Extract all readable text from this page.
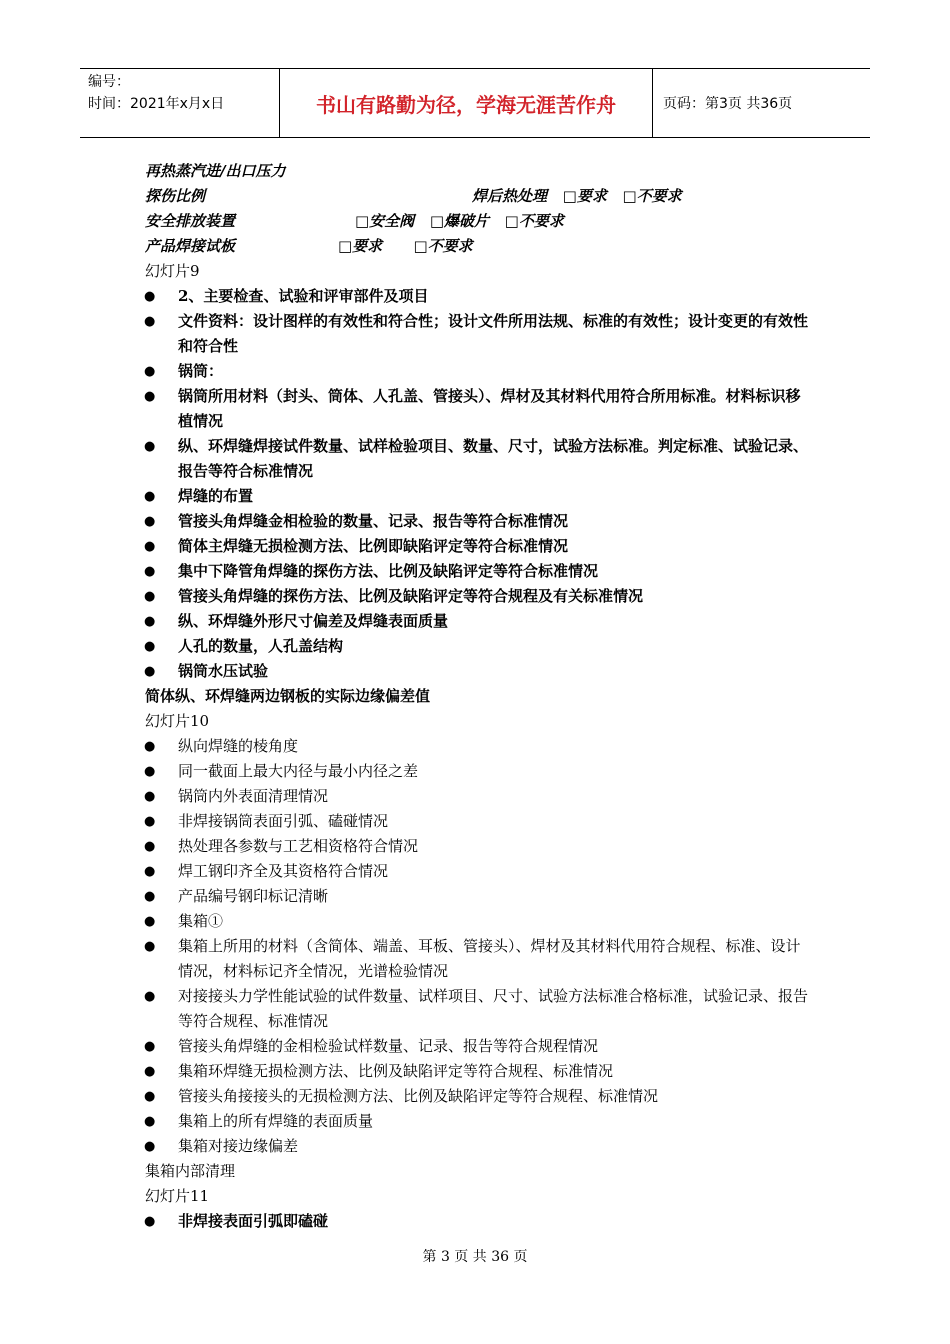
编号：
时间：2021年x月x日	书山有路勤为径，学海无涯苦作舟	页码：第3页 共36页
再热蒸汽进/出口压力
探伤比例	焊后热处理   □要求   □不要求
安全排放装置	□安全阀   □爆破片   □不要求
产品焊接试板	□要求      □不要求
幻灯片9
● 2、主要检查、试验和评审部件及项目
● 文件资料：设计图样的有效性和符合性；设计文件所用法规、标准的有效性；设计变更的有效性和符合性
● 锅筒：
● 锅筒所用材料（封头、筒体、人孔盖、管接头）、焊材及其材料代用符合所用标准。材料标识移植情况
● 纵、环焊缝焊接试件数量、试样检验项目、数量、尺寸，试验方法标准。判定标准、试验记录、报告等符合标准情况
● 焊缝的布置
● 管接头角焊缝金相检验的数量、记录、报告等符合标准情况
● 简体主焊缝无损检测方法、比例即缺陷评定等符合标准情况
● 集中下降管角焊缝的探伤方法、比例及缺陷评定等符合标准情况
● 管接头角焊缝的探伤方法、比例及缺陷评定等符合规程及有关标准情况
● 纵、环焊缝外形尺寸偏差及焊缝表面质量
● 人孔的数量，人孔盖结构
● 锅筒水压试验
简体纵、环焊缝两边钢板的实际边缘偏差值
幻灯片10
● 纵向焊缝的棱角度
● 同一截面上最大内径与最小内径之差
● 锅筒内外表面清理情况
● 非焊接锅筒表面引弧、磕碰情况
● 热处理各参数与工艺相资格符合情况
● 焊工钢印齐全及其资格符合情况
● 产品编号钢印标记清晰
● 集箱①
● 集箱上所用的材料（含简体、端盖、耳板、管接头）、焊材及其材料代用符合规程、标准、设计情况，材料标记齐全情况，光谱检验情况
● 对接接头力学性能试验的试件数量、试样项目、尺寸、试验方法标准合格标准，试验记录、报告等符合规程、标准情况
● 管接头角焊缝的金相检验试样数量、记录、报告等符合规程情况
● 集箱环焊缝无损检测方法、比例及缺陷评定等符合规程、标准情况
● 管接头角接接头的无损检测方法、比例及缺陷评定等符合规程、标准情况
● 集箱上的所有焊缝的表面质量
● 集箱对接边缘偏差
集箱内部清理
幻灯片11
● 非焊接表面引弧即磕碰
第 3 页 共 36 页
